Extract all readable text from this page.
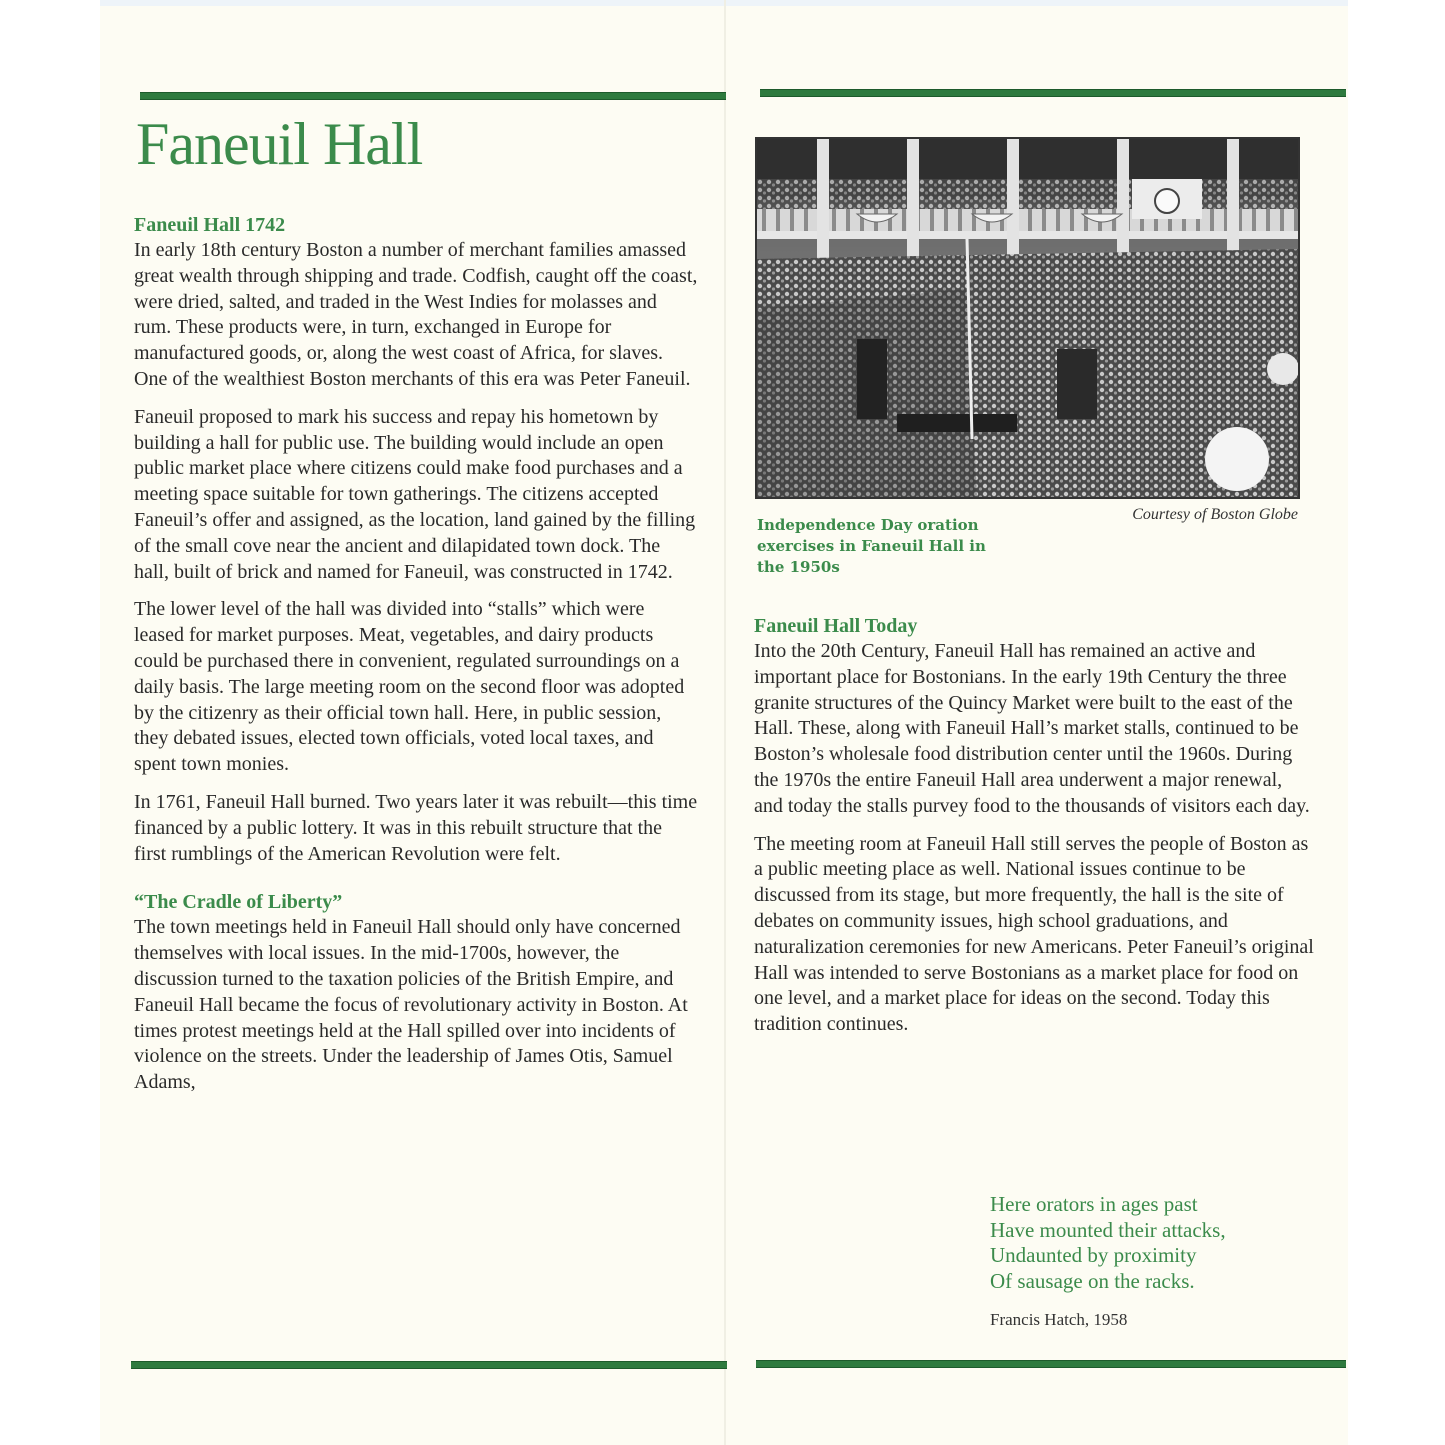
Faneuil Hall
Faneuil Hall 1742

In early 18th century Boston a number of merchant families amassed great wealth through shipping and trade. Codfish, caught off the coast, were dried, salted, and traded in the West Indies for molasses and rum. These products were, in turn, exchanged in Europe for manufactured goods, or, along the west coast of Africa, for slaves. One of the wealthiest Boston merchants of this era was Peter Faneuil.

Faneuil proposed to mark his success and repay his hometown by building a hall for public use. The building would include an open public market place where citizens could make food purchases and a meeting space suitable for town gatherings. The citizens accepted Faneuil’s offer and assigned, as the location, land gained by the filling of the small cove near the ancient and dilapidated town dock. The hall, built of brick and named for Faneuil, was constructed in 1742.

The lower level of the hall was divided into “stalls” which were leased for market purposes. Meat, vegetables, and dairy products could be purchased there in convenient, regulated surroundings on a daily basis. The large meeting room on the second floor was adopted by the citizenry as their official town hall. Here, in public session, they debated issues, elected town officials, voted local taxes, and spent town monies.

In 1761, Faneuil Hall burned. Two years later it was rebuilt—this time financed by a public lottery. It was in this rebuilt structure that the first rumblings of the American Revolution were felt.

“The Cradle of Liberty”

The town meetings held in Faneuil Hall should only have concerned themselves with local issues. In the mid-1700s, however, the discussion turned to the taxation policies of the British Empire, and Faneuil Hall became the focus of revolutionary activity in Boston. At times protest meetings held at the Hall spilled over into incidents of violence on the streets. Under the leadership of James Otis, Samuel Adams,

Courtesy of Boston Globe

Independence Day oration exercises in Faneuil Hall in the 1950s

Faneuil Hall Today

Into the 20th Century, Faneuil Hall has remained an active and important place for Bostonians. In the early 19th Century the three granite structures of the Quincy Market were built to the east of the Hall. These, along with Faneuil Hall’s market stalls, continued to be Boston’s wholesale food distribution center until the 1960s. During the 1970s the entire Faneuil Hall area underwent a major renewal, and today the stalls purvey food to the thousands of visitors each day.

The meeting room at Faneuil Hall still serves the people of Boston as a public meeting place as well. National issues continue to be discussed from its stage, but more frequently, the hall is the site of debates on community issues, high school graduations, and naturalization ceremonies for new Americans. Peter Faneuil’s original Hall was intended to serve Bostonians as a market place for food on one level, and a market place for ideas on the second. Today this tradition continues.

Here orators in ages past
Have mounted their attacks,
Undaunted by proximity
Of sausage on the racks.

Francis Hatch, 1958
